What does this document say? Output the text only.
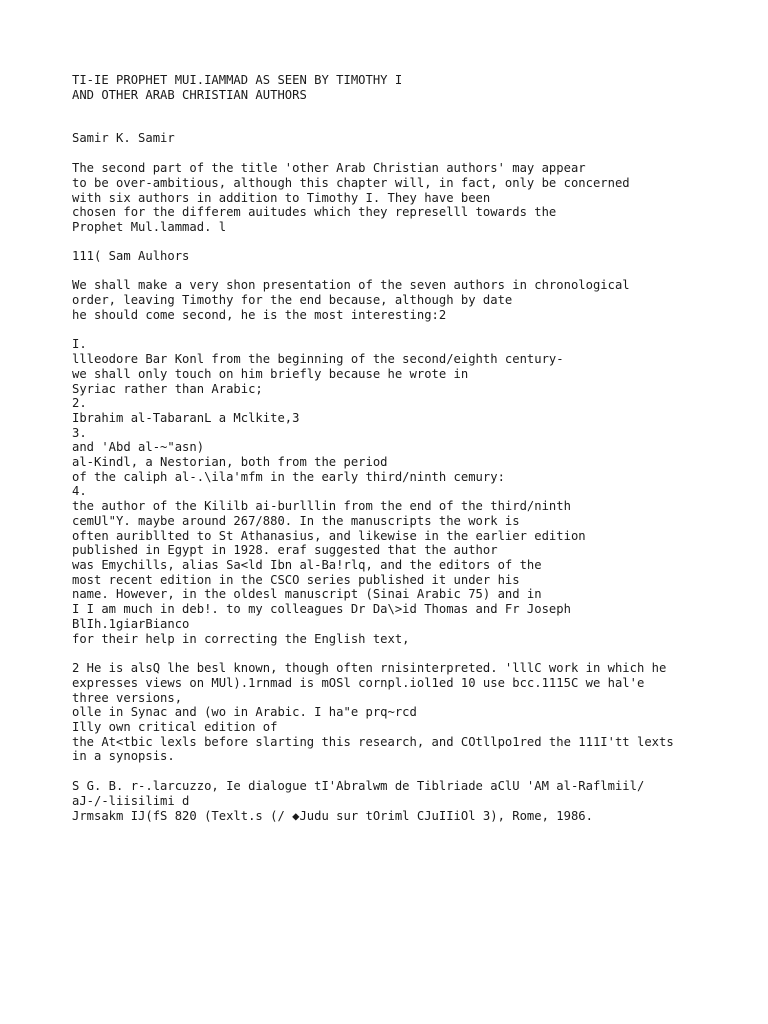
TI-IE PROPHET MUI.IAMMAD AS SEEN BY TIMOTHY I
AND OTHER ARAB CHRISTIAN AUTHORS
Samir K. Samir
The second part of the title 'other Arab Christian authors' may appear
to be over-ambitious, although this chapter will, in fact, only be concerned
with six authors in addition to Timothy I. They have been
chosen for the differem auitudes which they represelll towards the
Prophet Mul.lammad. l
111( Sam Aulhors
We shall make a very shon presentation of the seven authors in chronological
order, leaving Timothy for the end because, although by date
he should come second, he is the most interesting:2
I.
llleodore Bar Konl from the beginning of the second/eighth century-
we shall only touch on him briefly because he wrote in
Syriac rather than Arabic;
2.
Ibrahim al-TabaranL a Mclkite,3
3.
and 'Abd al-~"asn)
al-Kindl, a Nestorian, both from the period
of the caliph al-.\ila'mfm in the early third/ninth cemury:
4.
the author of the Kililb ai-burlllin from the end of the third/ninth
cemUl"Y. maybe around 267/880. In the manuscripts the work is
often auribllted to St Athanasius, and likewise in the earlier edition
published in Egypt in 1928. eraf suggested that the author
was Emychills, alias Sa<ld Ibn al-Ba!rlq, and the editors of the
most recent edition in the CSCO series published it under his
name. However, in the oldesl manuscript (Sinai Arabic 75) and in
I I am much in deb!. to my colleagues Dr Da\>id Thomas and Fr Joseph
BlIh.1giarBianco
for their help in correcting the English text,
2 He is alsQ lhe besl known, though often rnisinterpreted. 'lllC work in which he
expresses views on MUl).1rnmad is mOSl cornpl.iol1ed 10 use bcc.1115C we hal'e
three versions,
olle in Synac and (wo in Arabic. I ha"e prq~rcd
Illy own critical edition of
the At<tbic lexls before slarting this research, and COtllpo1red the 111I'tt lexts
in a synopsis.
S G. B. r-.larcuzzo, Ie dialogue tI'Abralwm de Tiblriade aClU 'AM al-Raflmiil/
aJ-/-liisilimi d
Jrmsakm IJ(fS 820 (Texlt.s (/ ◆Judu sur tOriml CJuIIiOl 3), Rome, 1986.
